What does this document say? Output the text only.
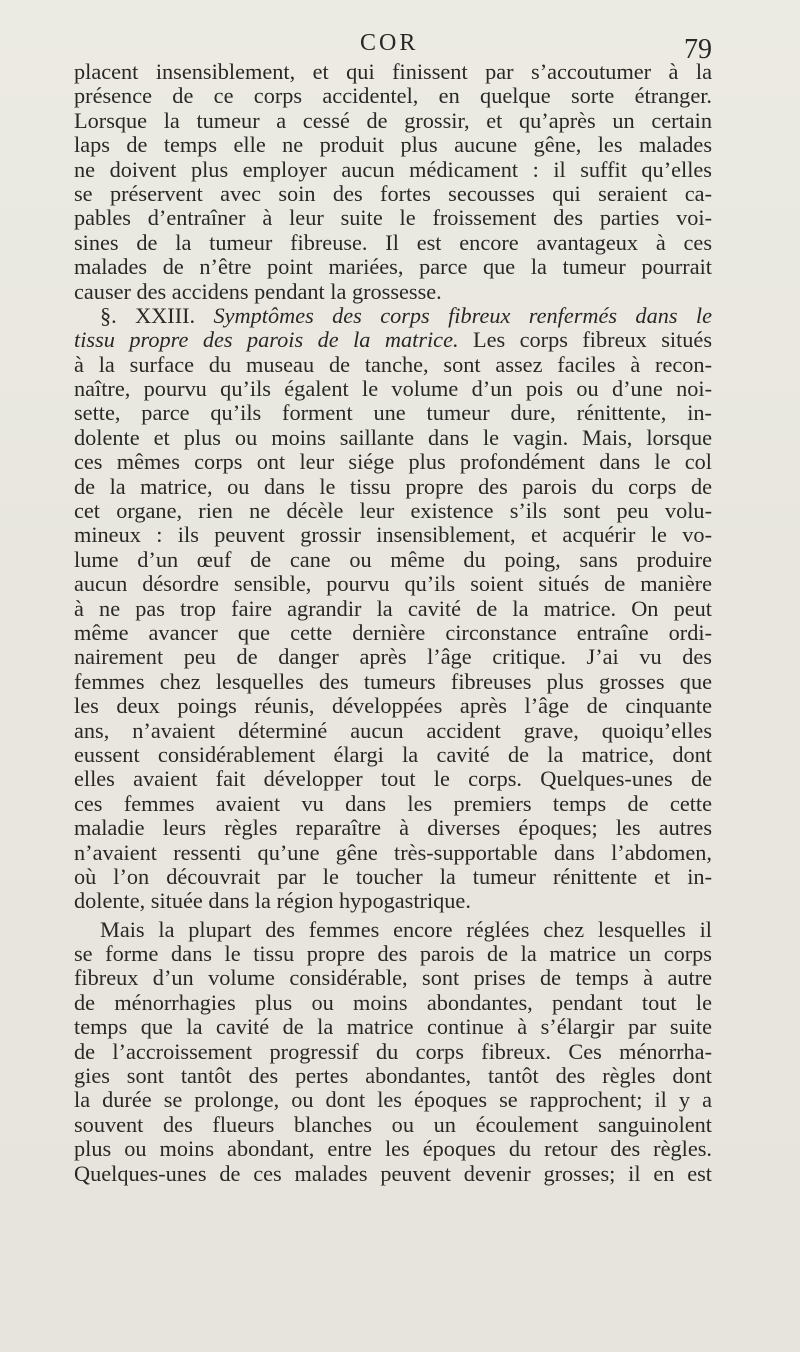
COR	79
placent insensiblement, et qui finissent par s’accoutumer à la
présence de ce corps accidentel, en quelque sorte étranger.
Lorsque la tumeur a cessé de grossir, et qu’après un certain
laps de temps elle ne produit plus aucune gêne, les malades
ne doivent plus employer aucun médicament : il suffit qu’elles
se préservent avec soin des fortes secousses qui seraient ca-
pables d’entraîner à leur suite le froissement des parties voi-
sines de la tumeur fibreuse. Il est encore avantageux à ces
malades de n’être point mariées, parce que la tumeur pourrait
causer des accidens pendant la grossesse.
§. XXIII. Symptômes des corps fibreux renfermés dans le
tissu propre des parois de la matrice. Les corps fibreux situés
à la surface du museau de tanche, sont assez faciles à recon-
naître, pourvu qu’ils égalent le volume d’un pois ou d’une noi-
sette, parce qu’ils forment une tumeur dure, rénittente, in-
dolente et plus ou moins saillante dans le vagin. Mais, lorsque
ces mêmes corps ont leur siége plus profondément dans le col
de la matrice, ou dans le tissu propre des parois du corps de
cet organe, rien ne décèle leur existence s’ils sont peu volu-
mineux : ils peuvent grossir insensiblement, et acquérir le vo-
lume d’un œuf de cane ou même du poing, sans produire
aucun désordre sensible, pourvu qu’ils soient situés de manière
à ne pas trop faire agrandir la cavité de la matrice. On peut
même avancer que cette dernière circonstance entraîne ordi-
nairement peu de danger après l’âge critique. J’ai vu des
femmes chez lesquelles des tumeurs fibreuses plus grosses que
les deux poings réunis, développées après l’âge de cinquante
ans, n’avaient déterminé aucun accident grave, quoiqu’elles
eussent considérablement élargi la cavité de la matrice, dont
elles avaient fait développer tout le corps. Quelques-unes de
ces femmes avaient vu dans les premiers temps de cette
maladie leurs règles reparaître à diverses époques; les autres
n’avaient ressenti qu’une gêne très-supportable dans l’abdomen,
où l’on découvrait par le toucher la tumeur rénittente et in-
dolente, située dans la région hypogastrique.
Mais la plupart des femmes encore réglées chez lesquelles il
se forme dans le tissu propre des parois de la matrice un corps
fibreux d’un volume considérable, sont prises de temps à autre
de ménorrhagies plus ou moins abondantes, pendant tout le
temps que la cavité de la matrice continue à s’élargir par suite
de l’accroissement progressif du corps fibreux. Ces ménorrha-
gies sont tantôt des pertes abondantes, tantôt des règles dont
la durée se prolonge, ou dont les époques se rapprochent; il y a
souvent des flueurs blanches ou un écoulement sanguinolent
plus ou moins abondant, entre les époques du retour des règles.
Quelques-unes de ces malades peuvent devenir grosses; il en est
